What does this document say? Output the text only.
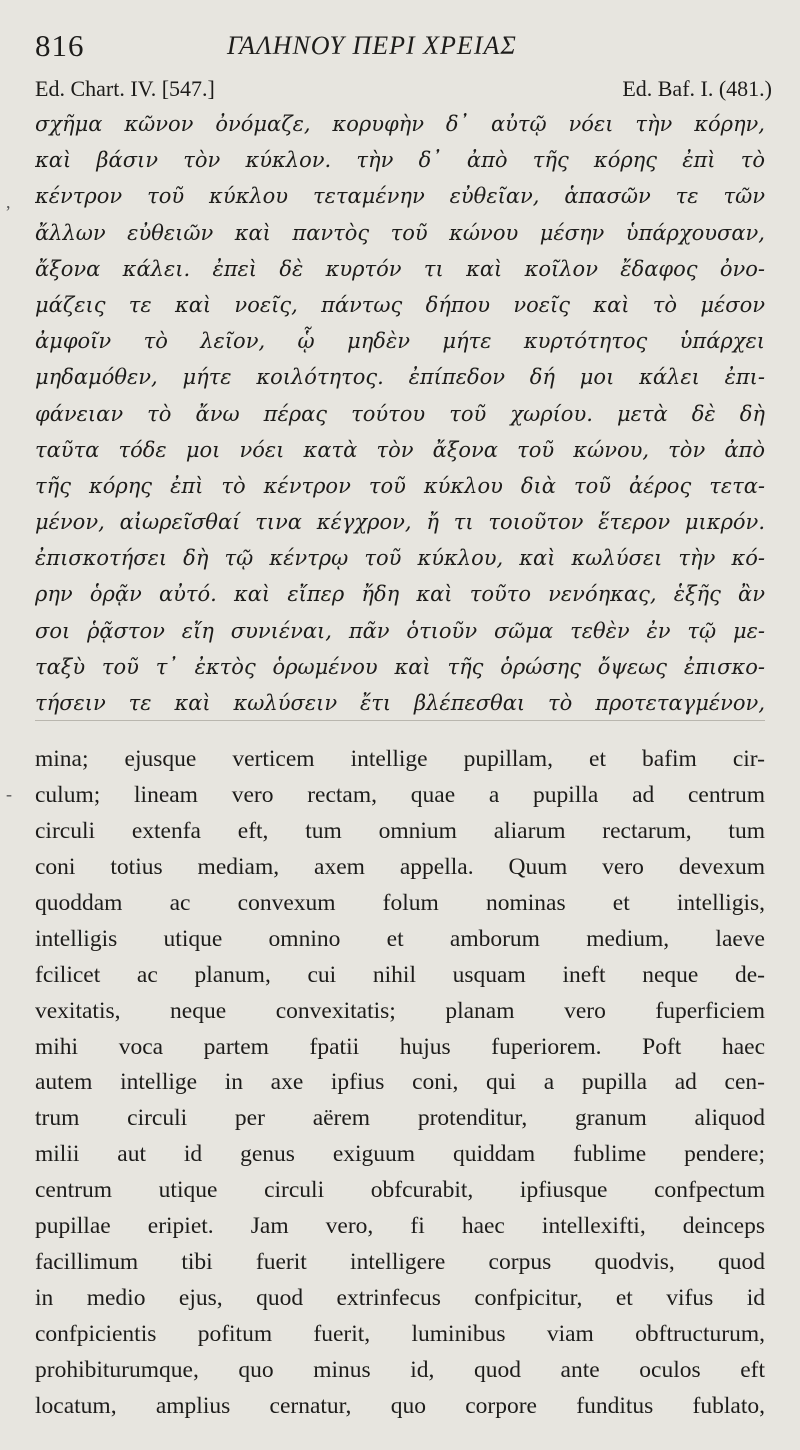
816	ΓΑΛΗΝΟΥ ΠΕΡΙ ΧΡΕΙΑΣ
Ed. Chart. IV. [547.]	Ed. Baf. I. (481.)
σχῆμα κῶνον ὀνόμαζε, κορυφὴν δ᾽ αὐτῷ νόει τὴν κόρην,
καὶ βάσιν τὸν κύκλον. τὴν δ᾽ ἀπὸ τῆς κόρης ἐπὶ τὸ
κέντρον τοῦ κύκλου τεταμένην εὐθεῖαν, ἁπασῶν τε τῶν
ἄλλων εὐθειῶν καὶ παντὸς τοῦ κώνου μέσην ὑπάρχουσαν,
ἄξονα κάλει. ἐπεὶ δὲ κυρτόν τι καὶ κοῖλον ἔδαφος ὀνο-
μάζεις τε καὶ νοεῖς, πάντως δήπου νοεῖς καὶ τὸ μέσον
ἀμφοῖν τὸ λεῖον, ᾧ μηδὲν μήτε κυρτότητος ὑπάρχει
μηδαμόθεν, μήτε κοιλότητος. ἐπίπεδον δή μοι κάλει ἐπι-
φάνειαν τὸ ἄνω πέρας τούτου τοῦ χωρίου. μετὰ δὲ δὴ
ταῦτα τόδε μοι νόει κατὰ τὸν ἄξονα τοῦ κώνου, τὸν ἀπὸ
τῆς κόρης ἐπὶ τὸ κέντρον τοῦ κύκλου διὰ τοῦ ἀέρος τετα-
μένον, αἰωρεῖσθαί τινα κέγχρον, ἤ τι τοιοῦτον ἕτερον μικρόν.
ἐπισκοτήσει δὴ τῷ κέντρῳ τοῦ κύκλου, καὶ κωλύσει τὴν κό-
ρην ὁρᾷν αὐτό. καὶ εἴπερ ἤδη καὶ τοῦτο νενόηκας, ἑξῆς ἂν
σοι ῥᾷστον εἴη συνιέναι, πᾶν ὁτιοῦν σῶμα τεθὲν ἐν τῷ με-
ταξὺ τοῦ τ᾽ ἐκτὸς ὁρωμένου καὶ τῆς ὁρώσης ὄψεως ἐπισκο-
τήσειν τε καὶ κωλύσειν ἔτι βλέπεσθαι τὸ προτεταγμένον,
mina; ejusque verticem intellige pupillam, et bafim cir-
culum; lineam vero rectam, quae a pupilla ad centrum
circuli extenfa eft, tum omnium aliarum rectarum, tum
coni totius mediam, axem appella. Quum vero devexum
quoddam ac convexum folum nominas et intelligis,
intelligis utique omnino et amborum medium, laeve
fcilicet ac planum, cui nihil usquam ineft neque de-
vexitatis, neque convexitatis; planam vero fuperficiem
mihi voca partem fpatii hujus fuperiorem. Poft haec
autem intellige in axe ipfius coni, qui a pupilla ad cen-
trum circuli per aërem protenditur, granum aliquod
milii aut id genus exiguum quiddam fublime pendere;
centrum utique circuli obfcurabit, ipfiusque confpectum
pupillae eripiet. Jam vero, fi haec intellexifti, deinceps
facillimum tibi fuerit intelligere corpus quodvis, quod
in medio ejus, quod extrinfecus confpicitur, et vifus id
confpicientis pofitum fuerit, luminibus viam obftructurum,
prohibiturumque, quo minus id, quod ante oculos eft
locatum, amplius cernatur, quo corpore funditus fublato,
,
-
